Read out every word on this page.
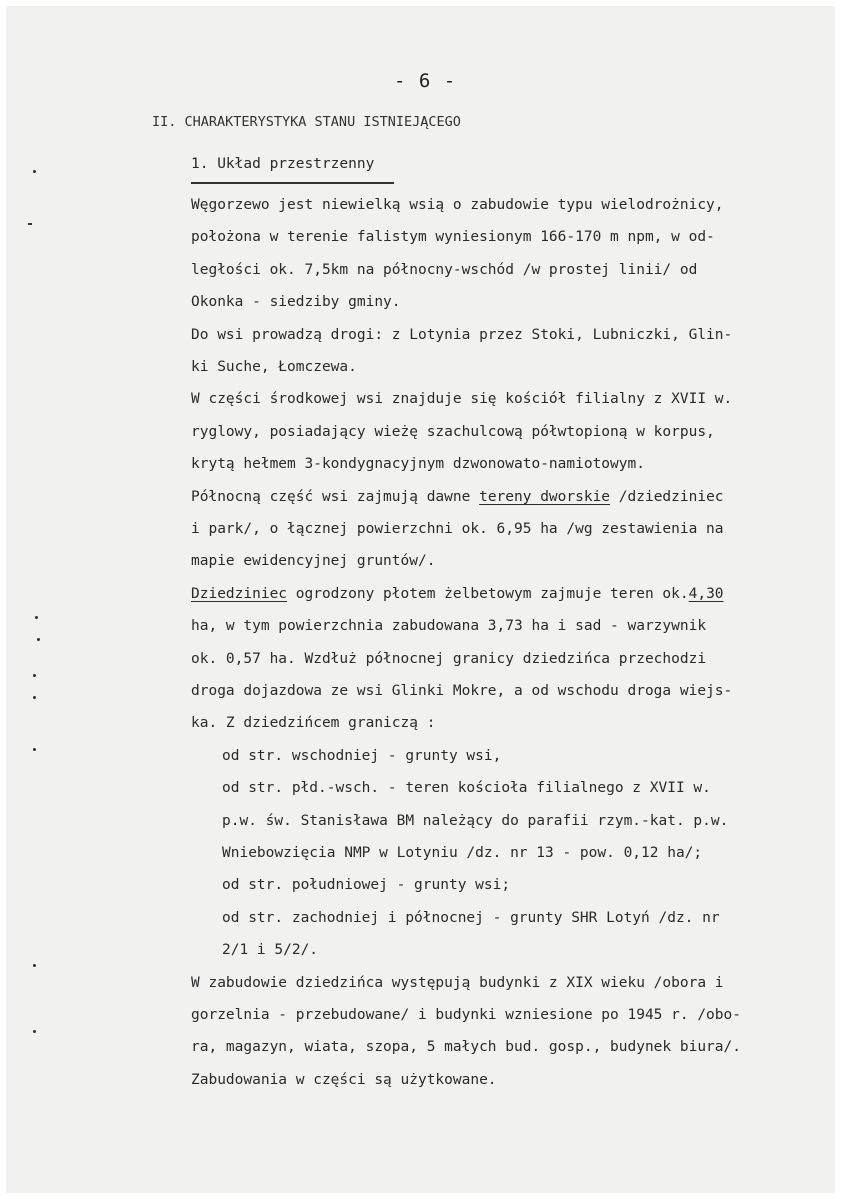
- 6 -
II. CHARAKTERYSTYKA STANU ISTNIEJĄCEGO
1. Układ przestrzenny
Węgorzewo jest niewielką wsią o zabudowie typu wielodrożnicy,
położona w terenie falistym wyniesionym 166-170 m npm, w od-
ległości ok. 7,5km na północny-wschód /w prostej linii/ od
Okonka - siedziby gminy.
Do wsi prowadzą drogi: z Lotynia przez Stoki, Lubniczki, Glin-
ki Suche, Łomczewa.
W części środkowej wsi znajduje się kościół filialny z XVII w.
ryglowy, posiadający wieżę szachulcową półwtopioną w korpus,
krytą hełmem 3-kondygnacyjnym dzwonowato-namiotowym.
Północną część wsi zajmują dawne tereny dworskie /dziedziniec
i park/, o łącznej powierzchni ok. 6,95 ha /wg zestawienia na
mapie ewidencyjnej gruntów/.
Dziedziniec ogrodzony płotem żelbetowym zajmuje teren ok.4,30
ha, w tym powierzchnia zabudowana 3,73 ha i sad - warzywnik
ok. 0,57 ha. Wzdłuż północnej granicy dziedzińca przechodzi
droga dojazdowa ze wsi Glinki Mokre, a od wschodu droga wiejs-
ka. Z dziedzińcem graniczą :
od str. wschodniej - grunty wsi,
od str. płd.-wsch. - teren kościoła filialnego z XVII w.
p.w. św. Stanisława BM należący do parafii rzym.-kat. p.w.
Wniebowzięcia NMP w Lotyniu /dz. nr 13 - pow. 0,12 ha/;
od str. południowej - grunty wsi;
od str. zachodniej i północnej - grunty SHR Lotyń /dz. nr
2/1 i 5/2/.
W zabudowie dziedzińca występują budynki z XIX wieku /obora i
gorzelnia - przebudowane/ i budynki wzniesione po 1945 r. /obo-
ra, magazyn, wiata, szopa, 5 małych bud. gosp., budynek biura/.
Zabudowania w części są użytkowane.
